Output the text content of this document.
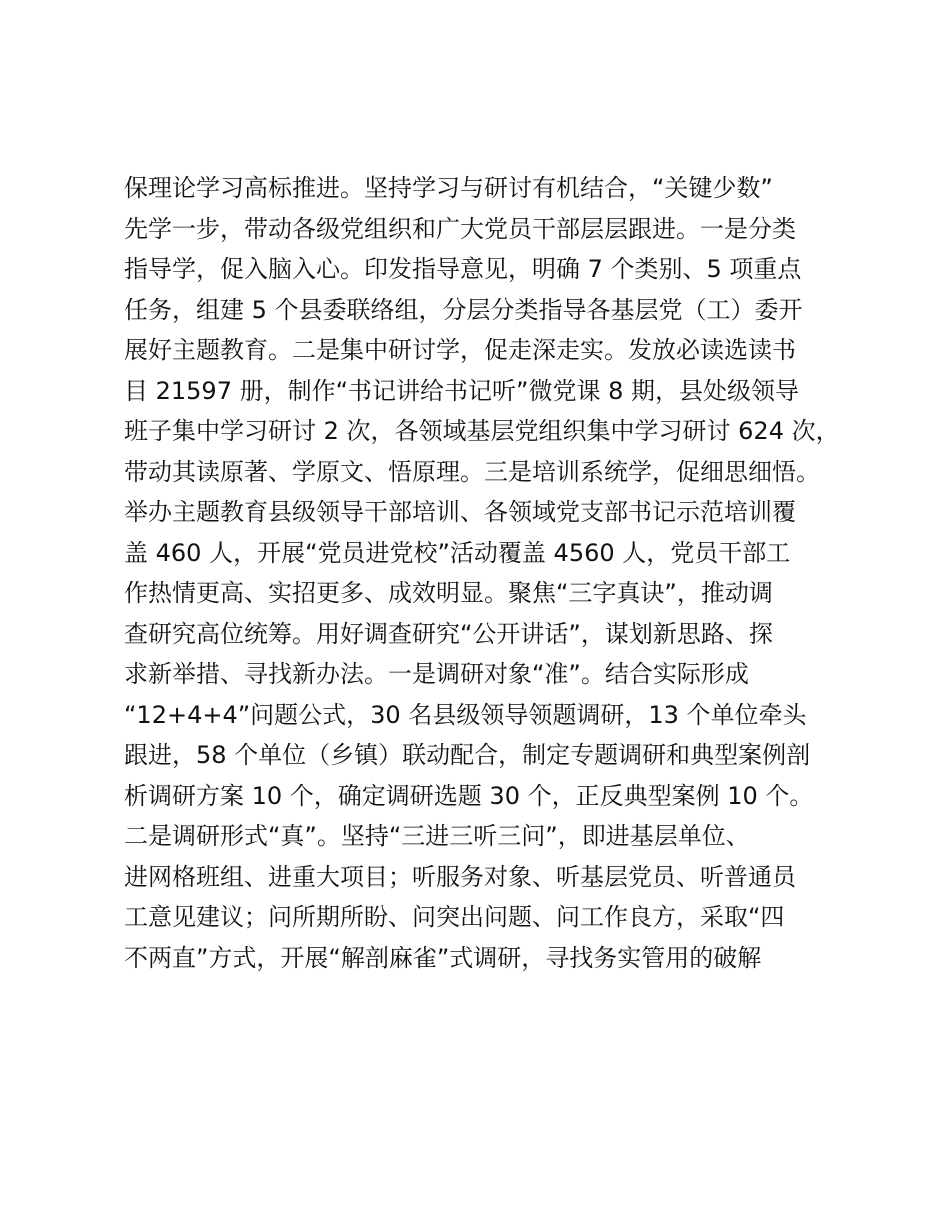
保理论学习高标推进。坚持学习与研讨有机结合，“关键少数”
先学一步，带动各级党组织和广大党员干部层层跟进。一是分类
指导学，促入脑入心。印发指导意见，明确 7 个类别、5 项重点
任务，组建 5 个县委联络组，分层分类指导各基层党（工）委开
展好主题教育。二是集中研讨学，促走深走实。发放必读选读书
目 21597 册，制作“书记讲给书记听”微党课 8 期，县处级领导
班子集中学习研讨 2 次，各领域基层党组织集中学习研讨 624 次，
带动其读原著、学原文、悟原理。三是培训系统学，促细思细悟。
举办主题教育县级领导干部培训、各领域党支部书记示范培训覆
盖 460 人，开展“党员进党校”活动覆盖 4560 人，党员干部工
作热情更高、实招更多、成效明显。聚焦“三字真诀”，推动调
查研究高位统筹。用好调查研究“公开讲话”，谋划新思路、探
求新举措、寻找新办法。一是调研对象“准”。结合实际形成
“12+4+4”问题公式，30 名县级领导领题调研，13 个单位牵头
跟进，58 个单位（乡镇）联动配合，制定专题调研和典型案例剖
析调研方案 10 个，确定调研选题 30 个，正反典型案例 10 个。
二是调研形式“真”。坚持“三进三听三问”，即进基层单位、
进网格班组、进重大项目；听服务对象、听基层党员、听普通员
工意见建议；问所期所盼、问突出问题、问工作良方，采取“四
不两直”方式，开展“解剖麻雀”式调研，寻找务实管用的破解
